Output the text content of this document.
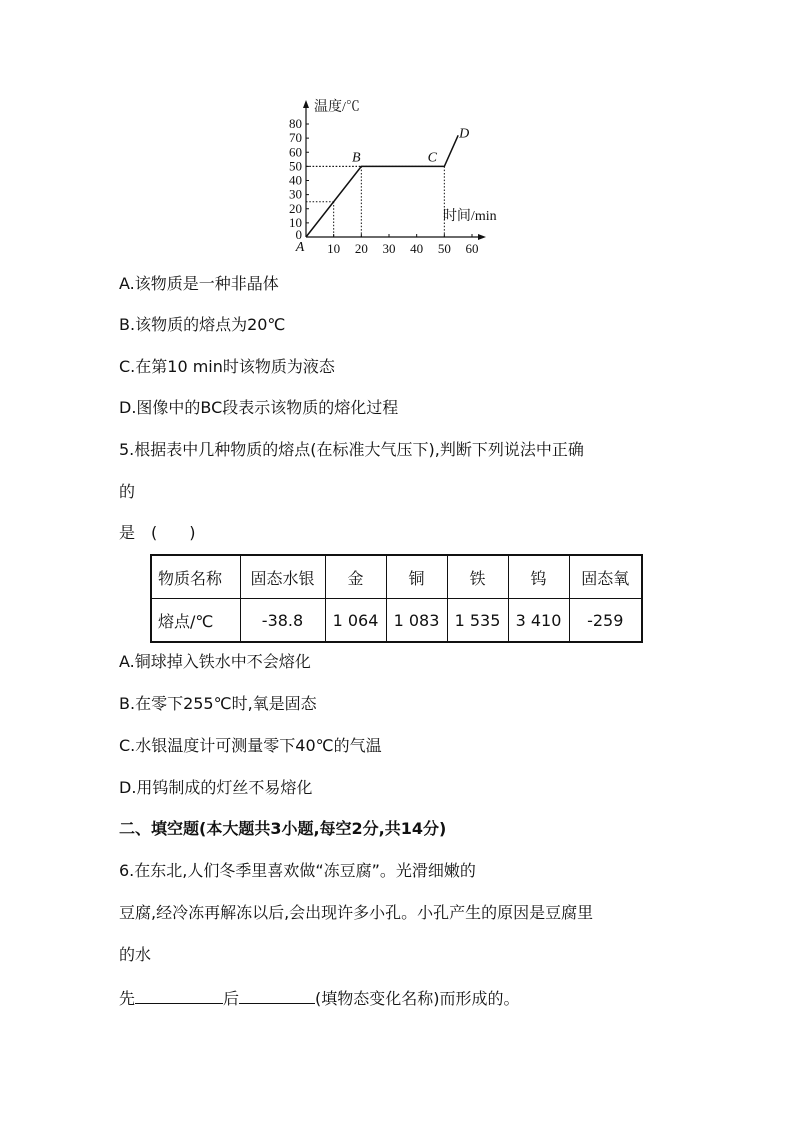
10
20
30
40
50
60
70
80
10 20 30 40 50 60
0
温度/℃
时间/min
A
B	C
D
A.该物质是一种非晶体
B.该物质的熔点为20℃
C.在第10 min时该物质为液态
D.图像中的BC段表示该物质的熔化过程
5.根据表中几种物质的熔点(在标准大气压下),判断下列说法中正确
的
是　(　　)
物质名称	固态水银	金	铜	铁	钨	固态氧
熔点/℃	-38.8	1 064	1 083	1 535	3 410	-259
A.铜球掉入铁水中不会熔化
B.在零下255℃时,氧是固态
C.水银温度计可测量零下40℃的气温
D.用钨制成的灯丝不易熔化
二、填空题(本大题共3小题,每空2分,共14分)
6.在东北,人们冬季里喜欢做“冻豆腐”。光滑细嫩的
豆腐,经冷冻再解冻以后,会出现许多小孔。小孔产生的原因是豆腐里
的水
先	后	(填物态变化名称)而形成的。
